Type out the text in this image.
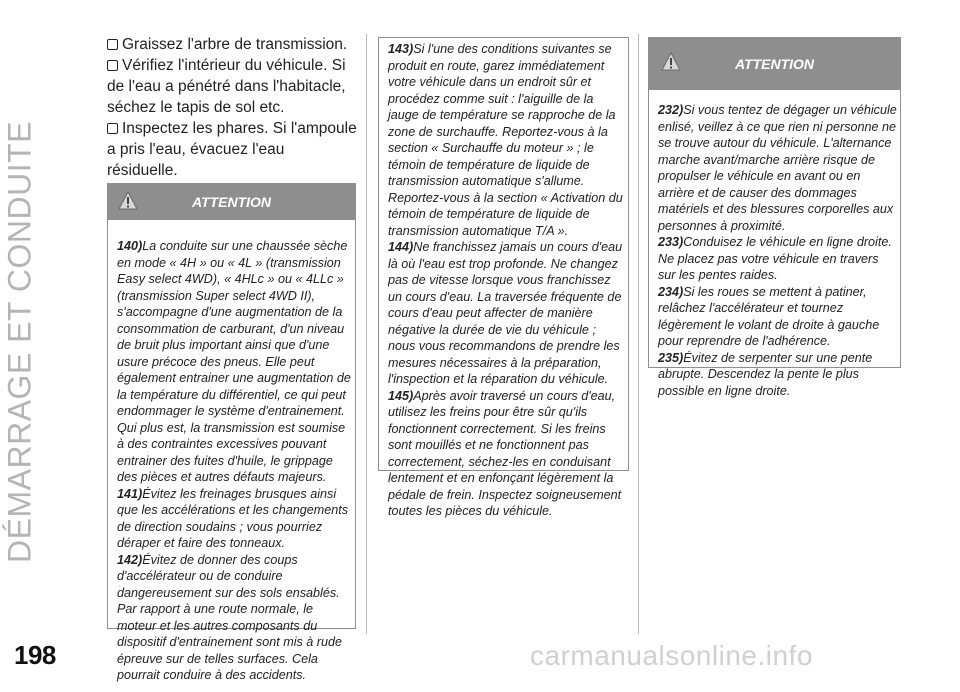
DÉMARRAGE ET CONDUITE

Graissez l'arbre de transmission.

Vérifiez l'intérieur du véhicule. Si de l'eau a pénétré dans l'habitacle, séchez le tapis de sol etc.

Inspectez les phares. Si l'ampoule a pris l'eau, évacuez l'eau résiduelle.

ATTENTION

140)La conduite sur une chaussée sèche en mode « 4H » ou « 4L » (transmission Easy select 4WD), « 4HLc » ou « 4LLc » (transmission Super select 4WD II), s'accompagne d'une augmentation de la consommation de carburant, d'un niveau de bruit plus important ainsi que d'une usure précoce des pneus. Elle peut également entrainer une augmentation de la température du différentiel, ce qui peut endommager le système d'entrainement. Qui plus est, la transmission est soumise à des contraintes excessives pouvant entrainer des fuites d'huile, le grippage des pièces et autres défauts majeurs.

141)Évitez les freinages brusques ainsi que les accélérations et les changements de direction soudains ; vous pourriez déraper et faire des tonneaux.

142)Évitez de donner des coups d'accélérateur ou de conduire dangereusement sur des sols ensablés. Par rapport à une route normale, le moteur et les autres composants du dispositif d'entrainement sont mis à rude épreuve sur de telles surfaces. Cela pourrait conduire à des accidents.

143)Si l'une des conditions suivantes se produit en route, garez immédiatement votre véhicule dans un endroit sûr et procédez comme suit : l'aiguille de la jauge de température se rapproche de la zone de surchauffe. Reportez-vous à la section « Surchauffe du moteur » ; le témoin de température de liquide de transmission automatique s'allume. Reportez-vous à la section « Activation du témoin de température de liquide de transmission automatique T/A ».

144)Ne franchissez jamais un cours d'eau là où l'eau est trop profonde. Ne changez pas de vitesse lorsque vous franchissez un cours d'eau. La traversée fréquente de cours d'eau peut affecter de manière négative la durée de vie du véhicule ; nous vous recommandons de prendre les mesures nécessaires à la préparation, l'inspection et la réparation du véhicule.

145)Après avoir traversé un cours d'eau, utilisez les freins pour être sûr qu'ils fonctionnent correctement. Si les freins sont mouillés et ne fonctionnent pas correctement, séchez-les en conduisant lentement et en enfonçant légèrement la pédale de frein. Inspectez soigneusement toutes les pièces du véhicule.

ATTENTION

232)Si vous tentez de dégager un véhicule enlisé, veillez à ce que rien ni personne ne se trouve autour du véhicule. L'alternance marche avant/marche arrière risque de propulser le véhicule en avant ou en arrière et de causer des dommages matériels et des blessures corporelles aux personnes à proximité.

233)Conduisez le véhicule en ligne droite. Ne placez pas votre véhicule en travers sur les pentes raides.

234)Si les roues se mettent à patiner, relâchez l'accélérateur et tournez légèrement le volant de droite à gauche pour reprendre de l'adhérence.

235)Évitez de serpenter sur une pente abrupte. Descendez la pente le plus possible en ligne droite.

198	carmanualsonline.info
